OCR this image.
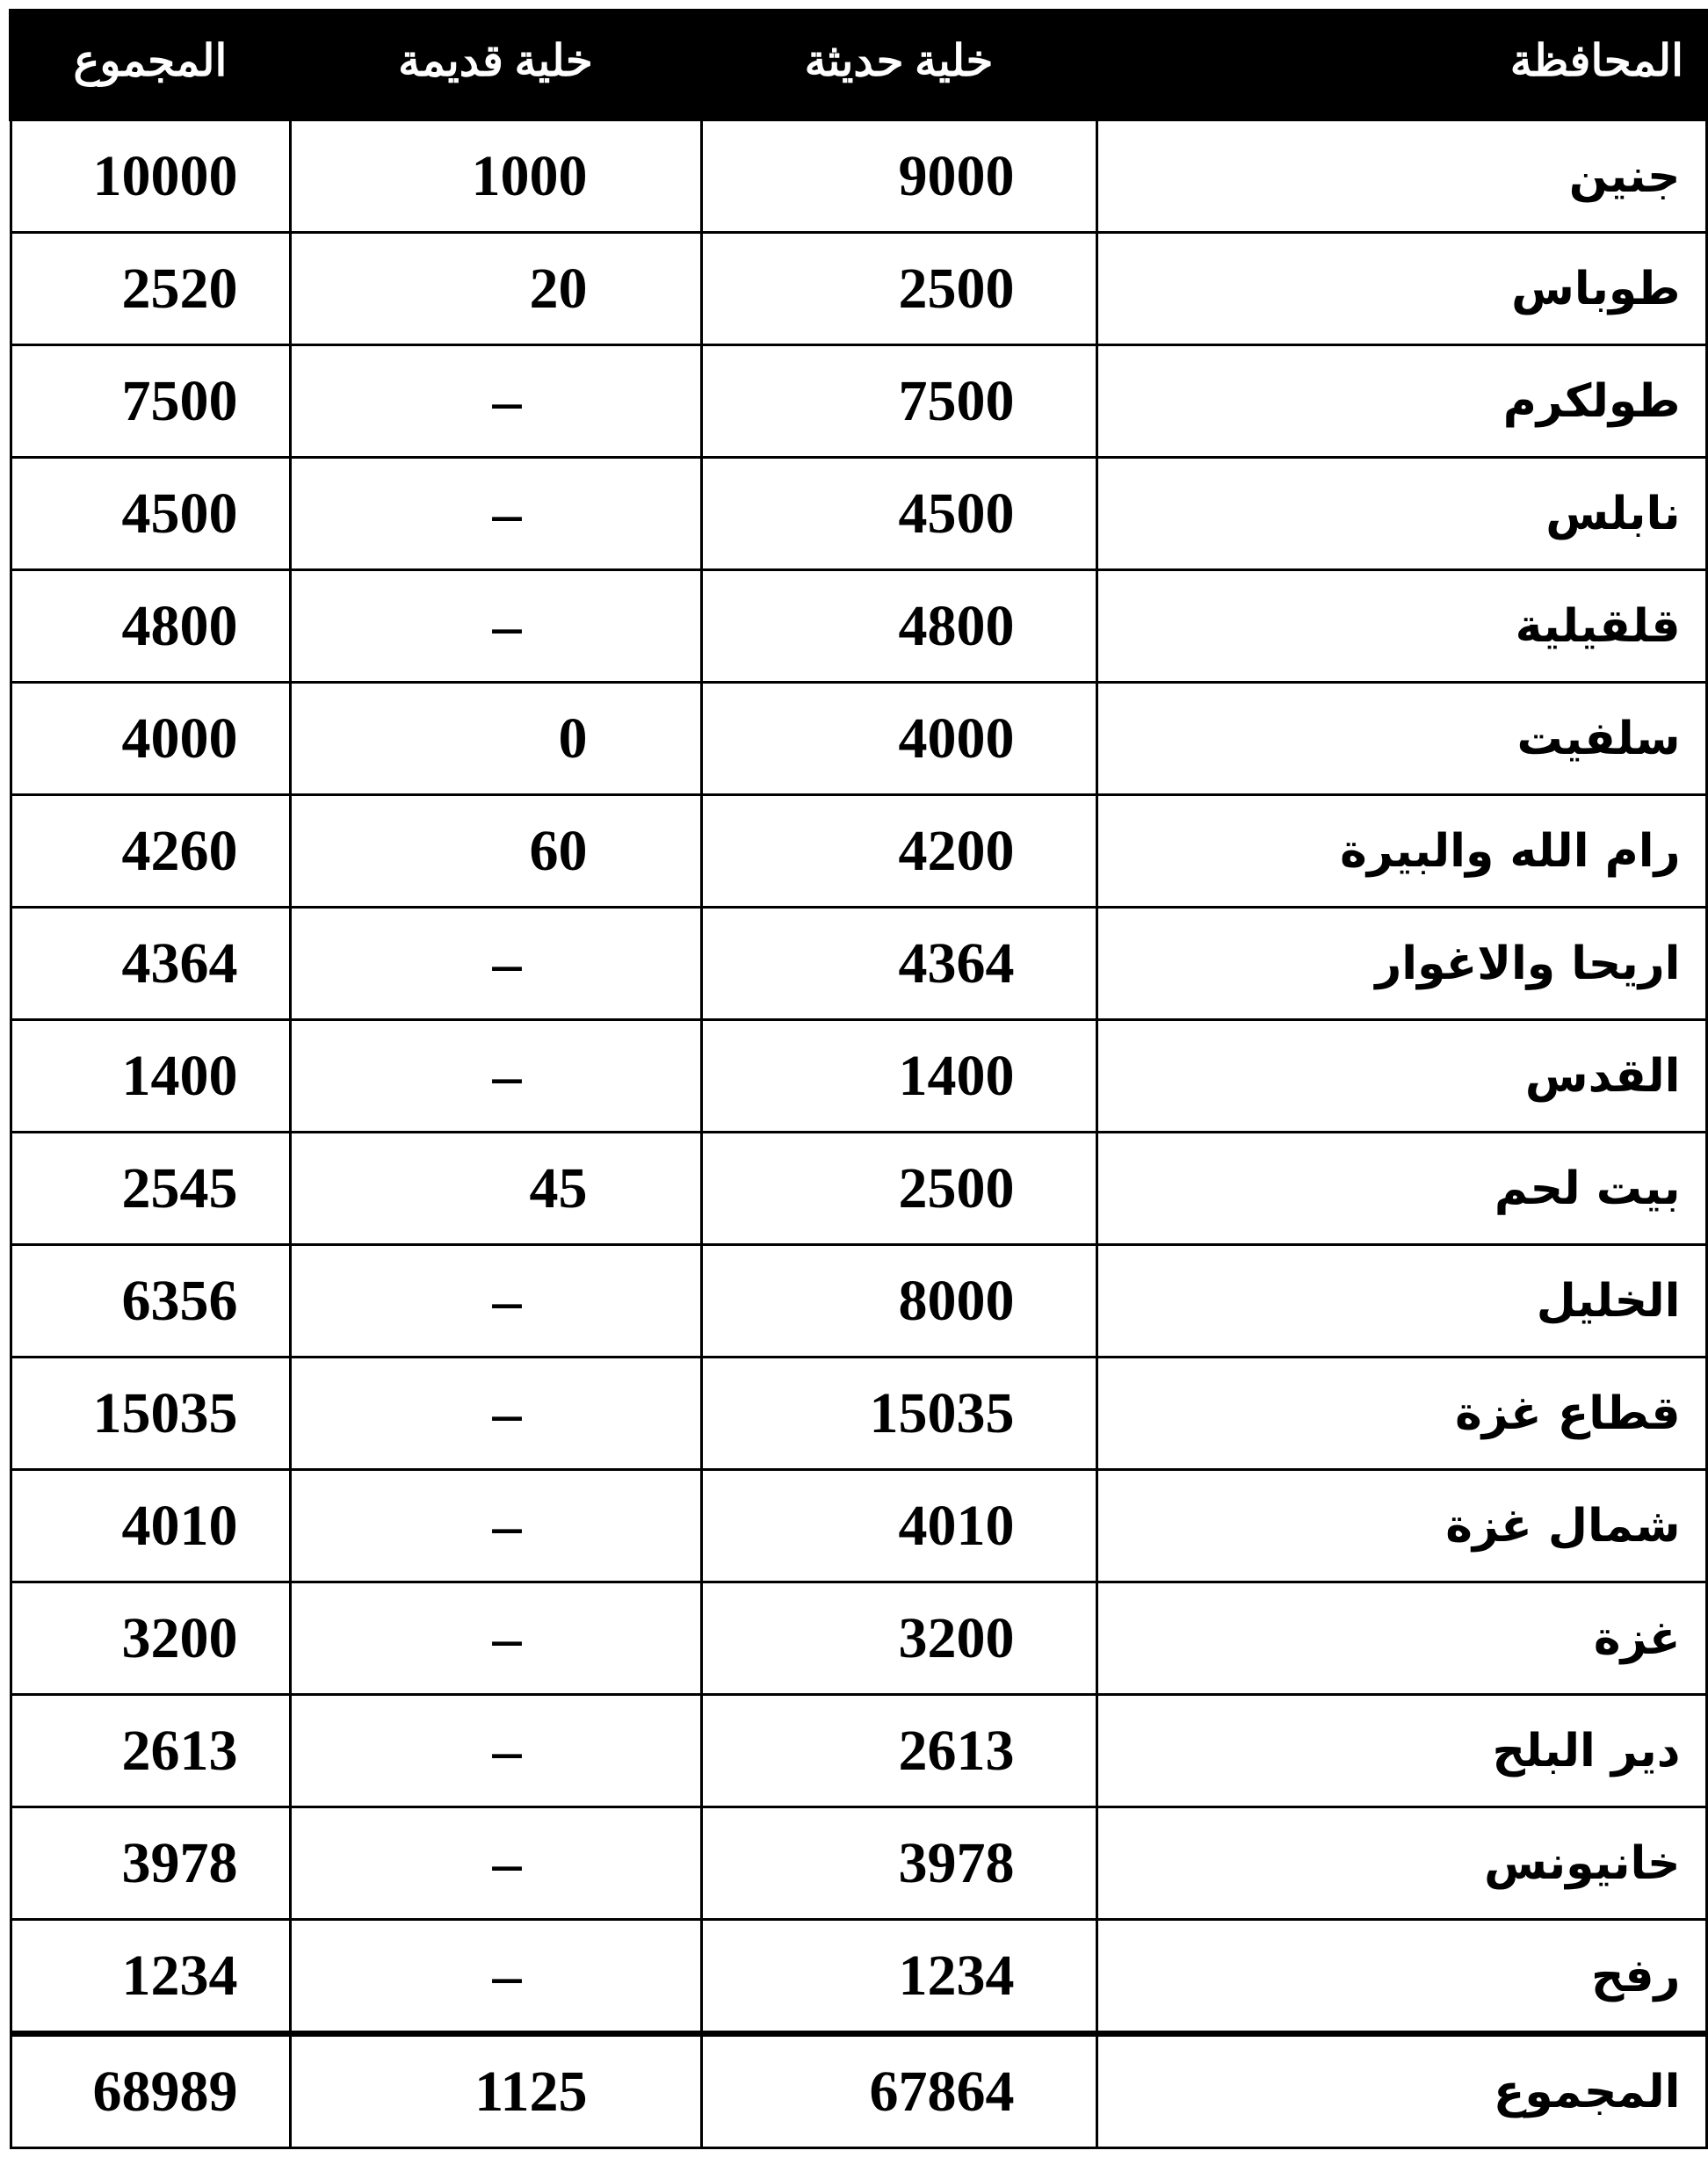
المجموع	خلية قديمة	خلية حديثة	المحافظة
10000	1000	9000	جنين
2520	20	2500	طوباس
7500	–	7500	طولكرم
4500	–	4500	نابلس
4800	–	4800	قلقيلية
4000	0	4000	سلفيت
4260	60	4200	رام الله والبيرة
4364	–	4364	اريحا والاغوار
1400	–	1400	القدس
2545	45	2500	بيت لحم
6356	–	8000	الخليل
15035	–	15035	قطاع غزة
4010	–	4010	شمال غزة
3200	–	3200	غزة
2613	–	2613	دير البلح
3978	–	3978	خانيونس
1234	–	1234	رفح
68989	1125	67864	المجموع
